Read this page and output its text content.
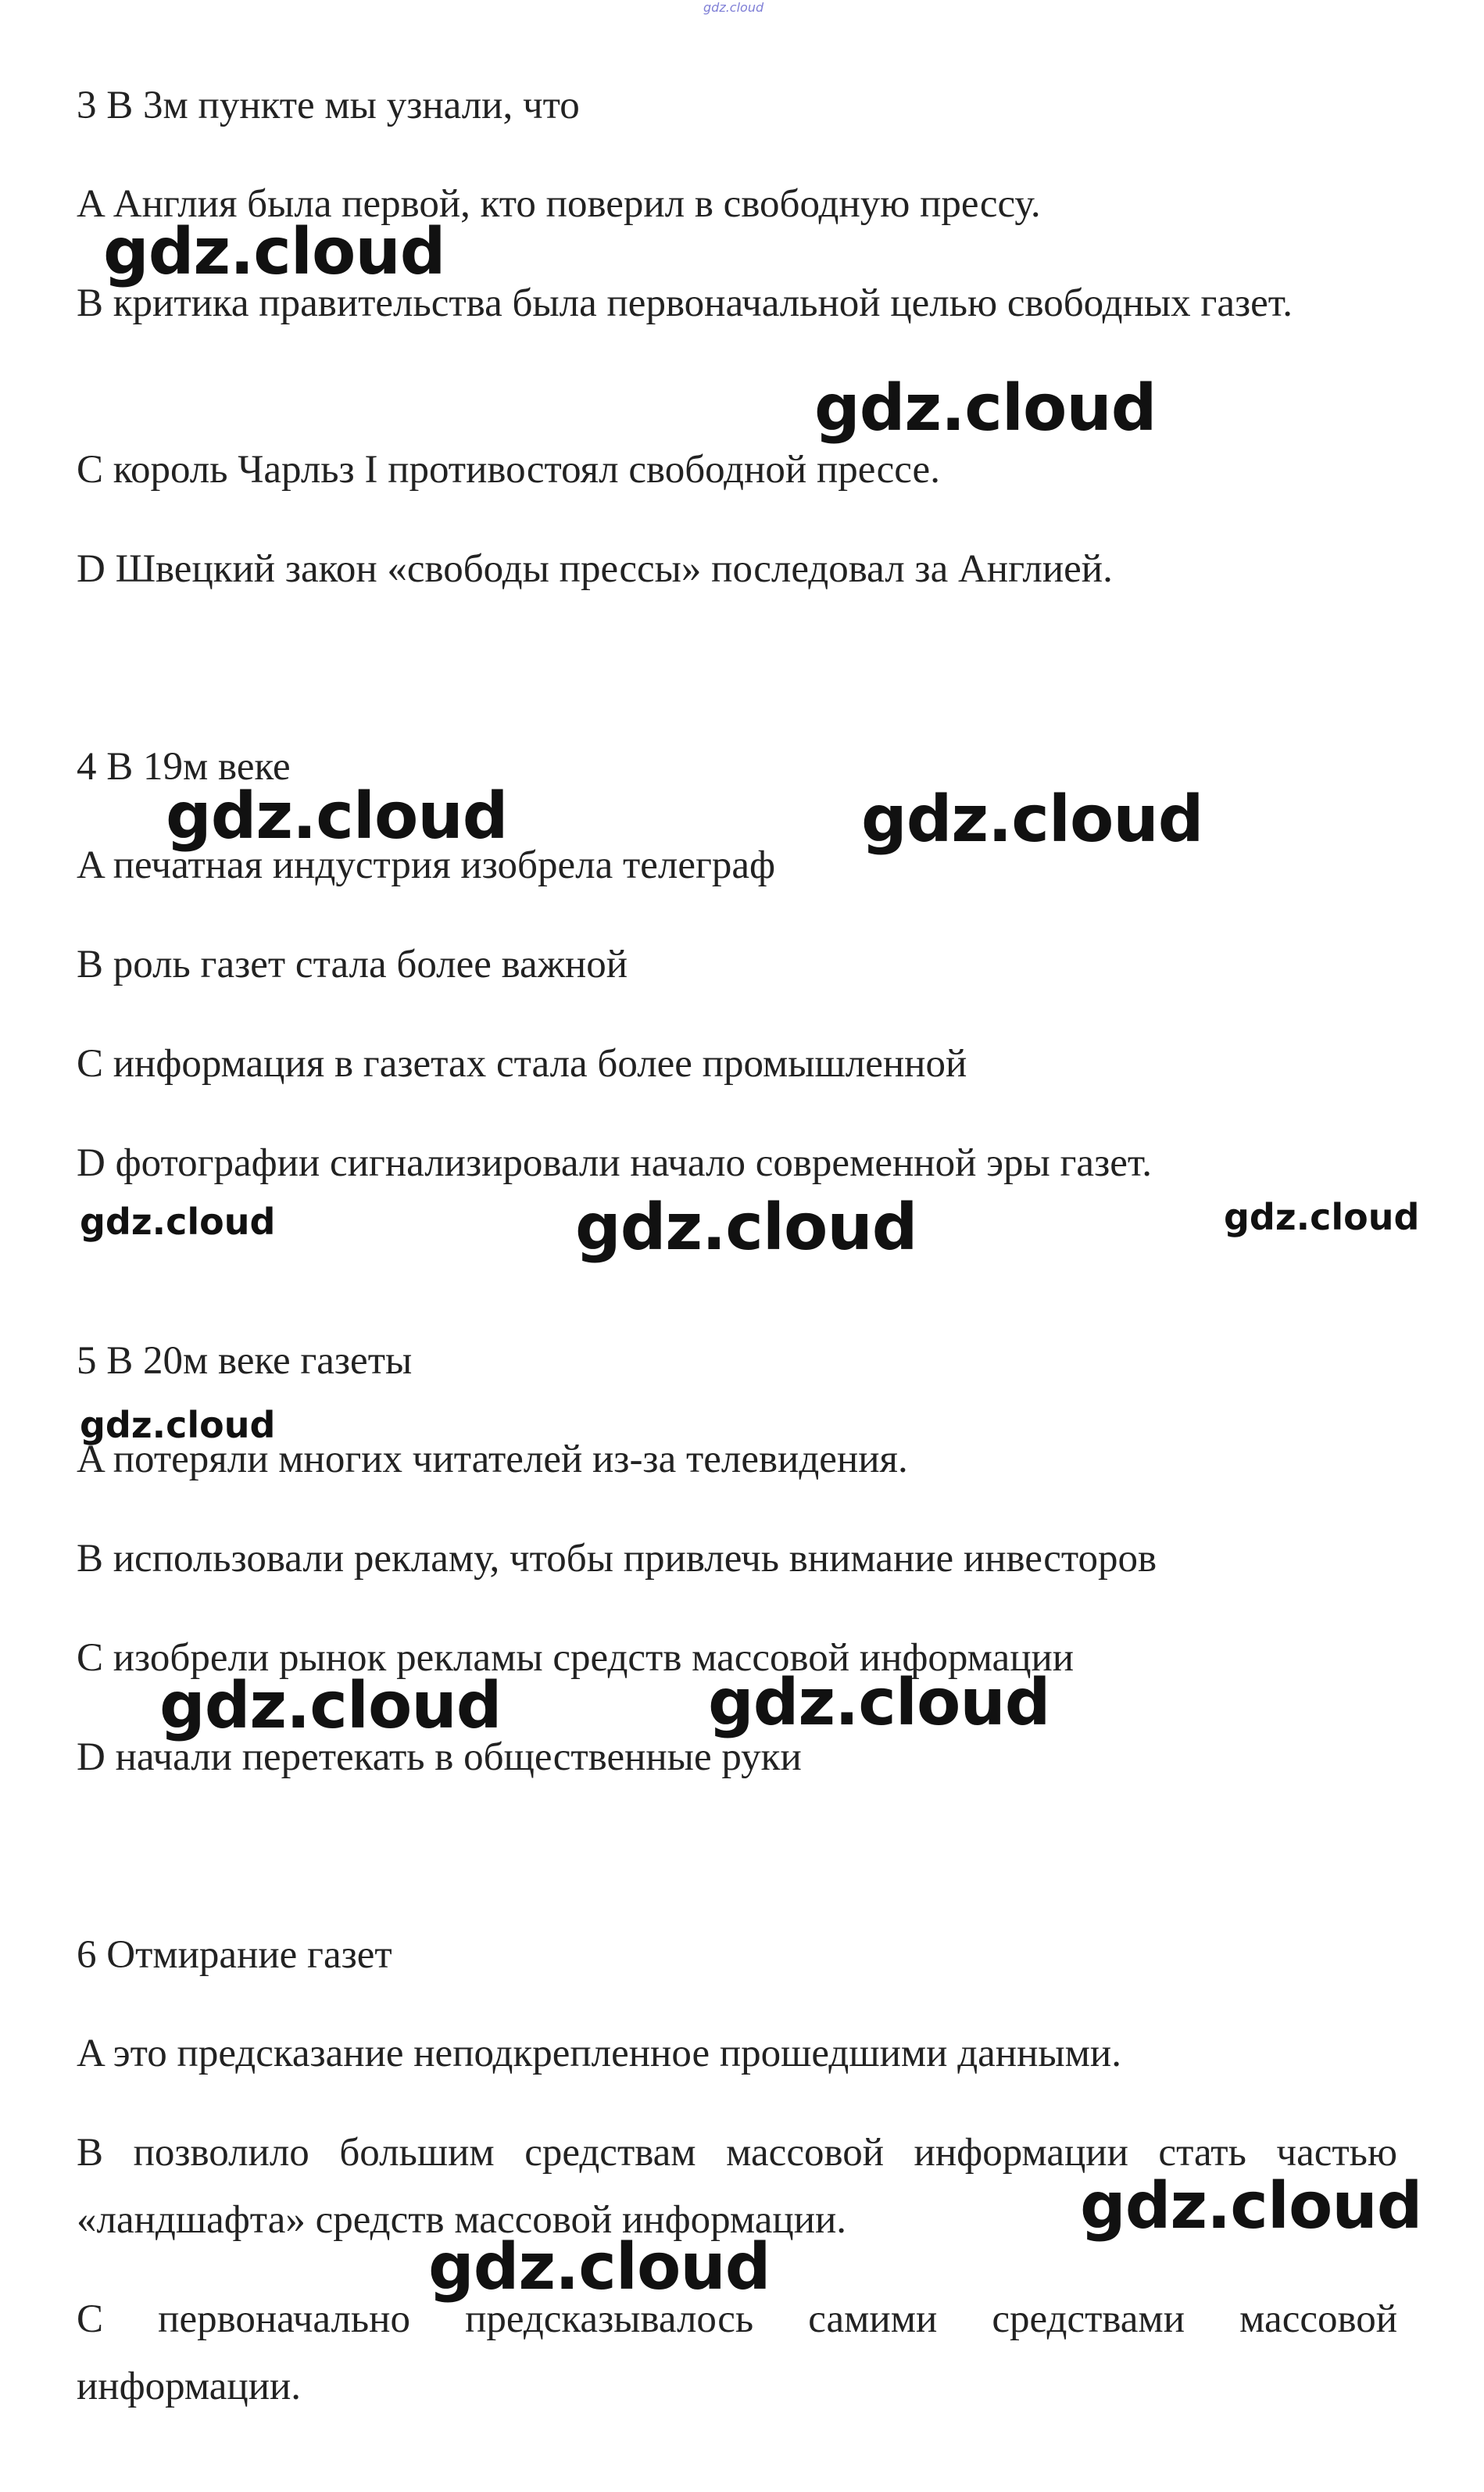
gdz.cloud
3 В 3м пункте мы узнали, что
A Англия была первой, кто поверил в свободную прессу.
B критика правительства была первоначальной целью свободных газет.
C король Чарльз I противостоял свободной прессе.
D Швецкий закон «свободы прессы» последовал за Англией.
4 В 19м веке
A печатная индустрия изобрела телеграф
B роль газет стала более важной
C информация в газетах стала более промышленной
D фотографии сигнализировали начало современной эры газет.
5 В 20м веке газеты
A потеряли многих читателей из-за телевидения.
B использовали рекламу, чтобы привлечь внимание инвесторов
C изобрели рынок рекламы средств массовой информации
D начали перетекать в общественные руки
6 Отмирание газет
A это предсказание неподкрепленное прошедшими данными.
B позволило большим средствам массовой информации стать частью «ландшафта» средств массовой информации.
C первоначально предсказывалось самими средствами массовой информации.
gdz.cloud
gdz.cloud
gdz.cloud	gdz.cloud
gdz.cloud	gdz.cloud	gdz.cloud
gdz.cloud
gdz.cloud	gdz.cloud
gdz.cloud
gdz.cloud
